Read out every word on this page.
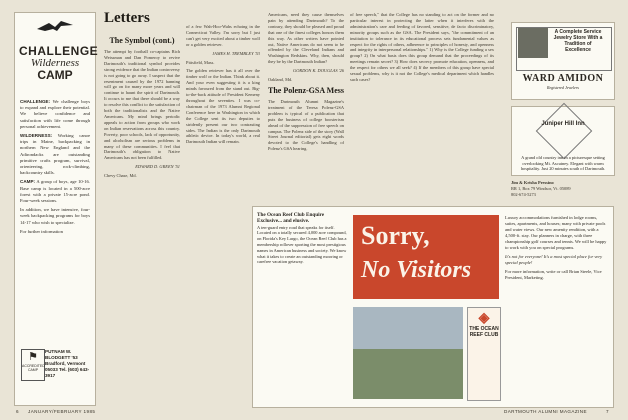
CHALLENGE
Wilderness
CAMP

CHALLENGE: We challenge boys to expand and explore their potential. We believe confidence and satisfaction with life come through personal achievement.

WILDERNESS: Working canoe trips in Maine, backpacking in northern New England and the Adirondacks are outstanding primitive crafts program, survival, orienteering, rock-climbing, backcountry skills.

CAMP: A group of boys, age 10-16. Base camp is located in a 500-acre forest with a private 15-acre pond. Four-week sessions.

In addition, we have intensive, four-week backpacking programs for boys 14-17 who wish to specialize.

For further information

⚑
ACCREDITED CAMP
PUTNAM W. BLODGETT '53 Bradford, Vermont 05033 Tel. (603) 643-3917
Letters

The Symbol (cont.)

The attempt by football co-captains Rich Weissman and Dan Pomeroy to revive Dartmouth's traditional symbol provides strong evidence that the Indian controversy is not going to go away. I suspect that the resentment caused by the 1972 banning will go on for many more years and will continue to haunt the spirit of Dartmouth. It occurs to me that there should be a way to resolve this conflict to the satisfaction of both the traditionalists and the Native Americans. My mind brings periodic appeals to action from groups who work on Indian reservations across this country. Poverty, poor schools, lack of opportunity, and alcoholism are serious problems in many of these communities. I feel that Dartmouth's obligation to Native Americans has not been fulfilled.

EDWARD D. GREEN '51

Chevy Chase, Md.

of a few Wah-Hoo-Wahs echoing in the Connecticut Valley. I'm sorry but I just can't get very excited about a timber wolf or a golden retriever.

JAMES H. TREMBLEY '53

Pittsfield, Mass.

The golden retriever has it all over the timber wolf or the Indian. Think about it. And your even suggesting it is a king minds favoured from the stand out. Big-to-the-back attitude of President Kemeny throughout the seventies. I was co-chairman of the 1973 Alumni Regional Conference here in Washington in which the College sent its two deputies to stridently present our two contrasting sides. The Indian is the only Dartmouth athletic device. In today's world, a real Dartmouth Indian will remain.

Americans, need they cause themselves pain by attending Dartmouth? To the contrary, they should be pleased and proud that one of the finest colleges honors them this way. As other writers have pointed out, Native Americans do not seem to be offended by the Cleveland Indians and Washington Redskins. Why, then, should they be by the Dartmouth Indian?

GORDON K. DOUGLAS '26

Oakland, Md.

The Polenz-GSA Mess

The Dartmouth Alumni Magazine's treatment of the Teresa Polenz-GSA problem is typical of a publication that puts the business of college boosterism ahead of the suppression of free speech on campus. The Polenz side of the story (Wall Street Journal editorial) gets eight words devoted to the College's handling of Polenz's GSA hearing.

of free speech," that the College has no standing to act on the former and no particular interest in protecting the latter when it interferes with the administration's care and feeding of favored, sensitive, de facto discriminatory, minority groups such as the GSA. The President says, "the commitment of an institution to tolerance in its educational process sets fundamental values as respect for the rights of others, adherence to principles of honesty, and openness and integrity in interpersonal relationships." 1) Why is the College funding a sex group? 2) On what basis does this group demand that the proceedings of its meetings remain secret? 3) How does secrecy promote education, openness, and the respect for others we all seek? 4) If the members of this group have special sexual problems, why is it not the College's medical department which handles such cases?
A Complete Service Jewelry Store With a Tradition of Excellence
WARD AMIDON
Registered Jewelers
Juniper Hill Inn
A grand old country inn in a picturesque setting overlooking Mt. Ascutney. Elegant with warm hospitality. Just 20 minutes south of Dartmouth.
Jim & Krisha Pressino
RR 1, Box 79 Windsor, Vt. 05089
802-674-5273
The Ocean Reef Club Enquire Exclusive... and elusive.
A ten-guard entry road that speaks for itself. Located on a totally secured 4,000 acre compound, on Florida's Key Largo, the Ocean Reef Club has a membership rollover sporting the most prestigious names in American business and society. We know what it takes to create an outstanding mooring or carefree vacation getaway.
Sorry,
No Visitors
◈
THE OCEAN REEF CLUB

Luxury accommodations furnished in lodge rooms, suites, apartments, and houses; many with private pools and water views. Our new amenity rendition, with a 4,500-ft. stay. Our planners in charge, with three championship golf courses and tennis. We will be happy to work with you on special programs.

It's not for everyone! It's a most special place for very special people!

For more information, write or call Brian Steele, Vice President, Marketing.

6 JANUARY/FEBRUARY 1985	DARTMOUTH ALUMNI MAGAZINE	7
